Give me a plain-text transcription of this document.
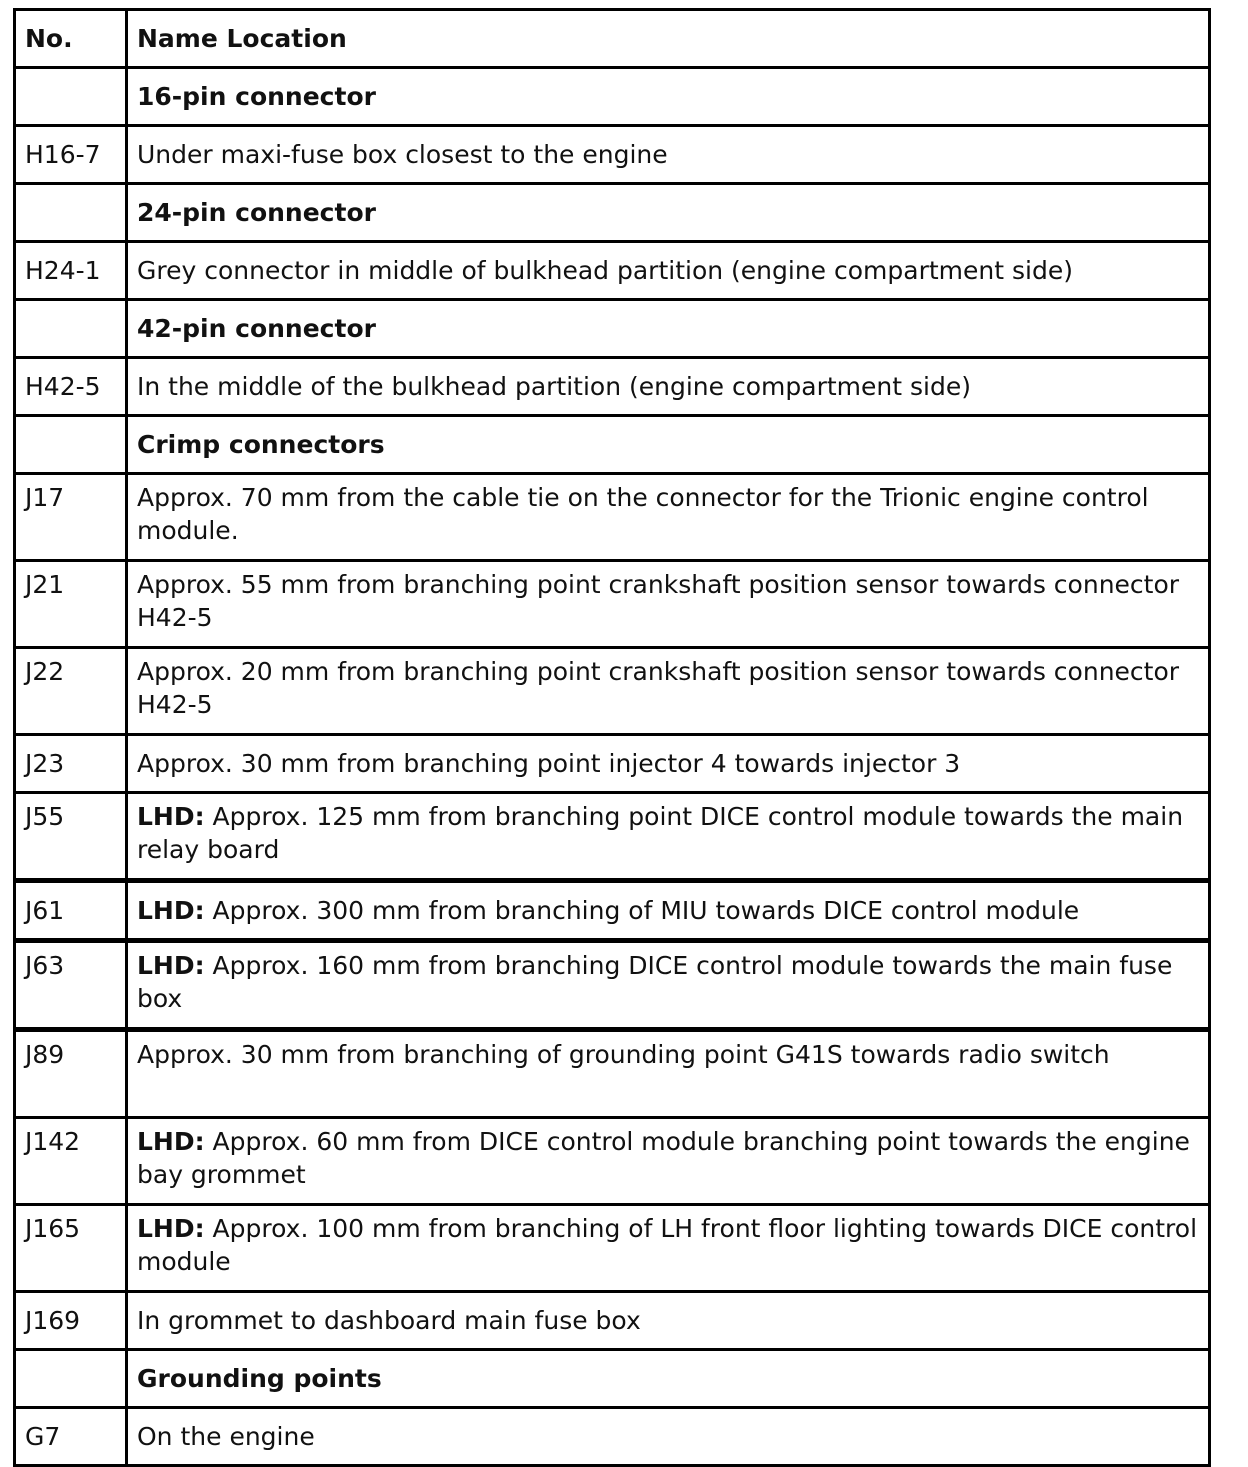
No.	Name Location
	16-pin connector
H16-7	Under maxi-fuse box closest to the engine
	24-pin connector
H24-1	Grey connector in middle of bulkhead partition (engine compartment side)
	42-pin connector
H42-5	In the middle of the bulkhead partition (engine compartment side)
	Crimp connectors
J17	Approx. 70 mm from the cable tie on the connector for the Trionic engine control module.
J21	Approx. 55 mm from branching point crankshaft position sensor towards connector H42-5
J22	Approx. 20 mm from branching point crankshaft position sensor towards connector H42-5
J23	Approx. 30 mm from branching point injector 4 towards injector 3
J55	LHD: Approx. 125 mm from branching point DICE control module towards the main relay board
J61	LHD: Approx. 300 mm from branching of MIU towards DICE control module
J63	LHD: Approx. 160 mm from branching DICE control module towards the main fuse box
J89	Approx. 30 mm from branching of grounding point G41S towards radio switch
J142	LHD: Approx. 60 mm from DICE control module branching point towards the engine bay grommet
J165	LHD: Approx. 100 mm from branching of LH front floor lighting towards DICE control module
J169	In grommet to dashboard main fuse box
	Grounding points
G7	On the engine
